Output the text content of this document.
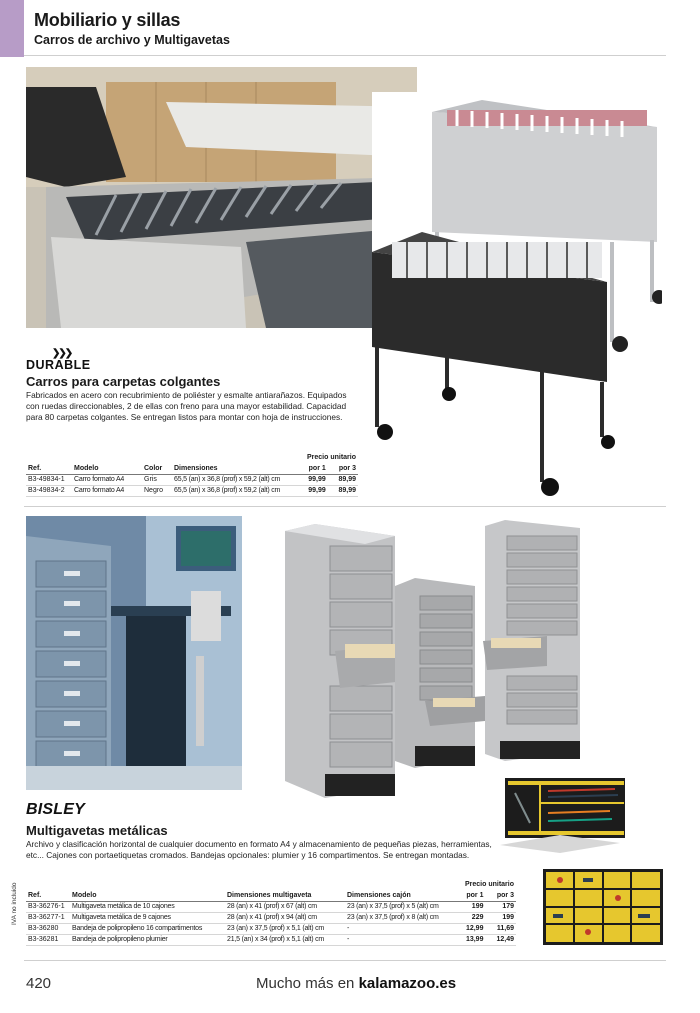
Mobiliario y sillas
Carros de archivo y Multigavetas
❯❯❯
DURABLE
Carros para carpetas colgantes
Fabricados en acero con recubrimiento de poliéster y esmalte antiarañazos. Equipados con ruedas direccionables, 2 de ellas con freno para una mayor estabilidad. Capacidad para 80 carpetas colgantes. Se entregan listos para montar con hoja de instrucciones.
				Precio unitario	
Ref.	Modelo	Color	Dimensiones	por 1	por 3
B3-49834-1	Carro formato A4	Gris	65,5 (an) x 36,8 (prof) x 59,2 (alt) cm	99,99	89,99
B3-49834-2	Carro formato A4	Negro	65,5 (an) x 36,8 (prof) x 59,2 (alt) cm	99,99	89,99
BISLEY
Multigavetas metálicas
Archivo y clasificación horizontal de cualquier documento en formato A4 y almacenamiento de pequeñas piezas, herramientas, etc... Cajones con portaetiquetas cromados. Bandejas opcionales: plumier y 16 compartimentos. Se entregan montadas.
				Precio unitario	
Ref.	Modelo	Dimensiones multigaveta	Dimensiones cajón	por 1	por 3
B3-36276-1	Multigaveta metálica de 10 cajones	28 (an) x 41 (prof) x 67 (alt) cm	23 (an) x 37,5 (prof) x 5 (alt) cm	199	179
B3-36277-1	Multigaveta metálica de 9 cajones	28 (an) x 41 (prof) x 94 (alt) cm	23 (an) x 37,5 (prof) x 8 (alt) cm	229	199
B3-36280	Bandeja de polipropileno 16 compartimentos	23 (an) x 37,5 (prof) x 5,1 (alt) cm	-	12,99	11,69
B3-36281	Bandeja de polipropileno plumier	21,5 (an) x 34 (prof) x 5,1 (alt) cm	-	13,99	12,49
IVA no incluido
420	Mucho más en kalamazoo.es
